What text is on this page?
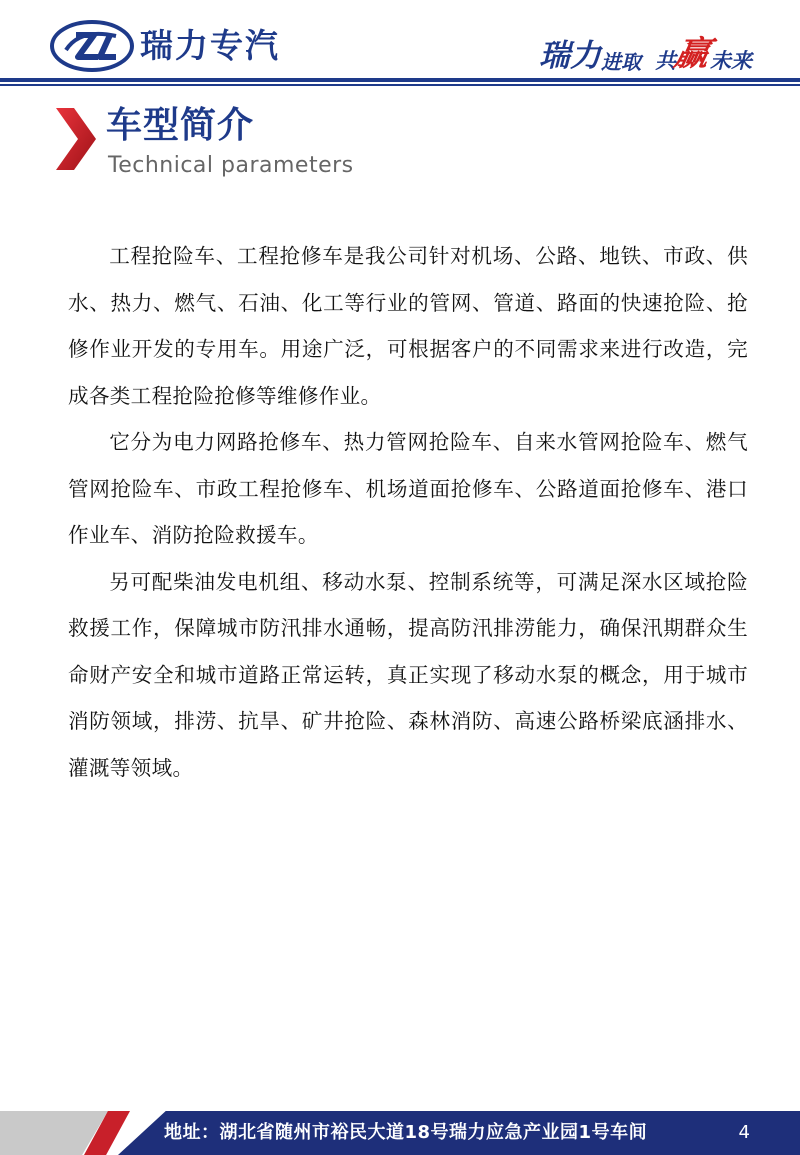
瑞力专汽	瑞力进取 共赢未来
车型简介
Technical parameters

工程抢险车、工程抢修车是我公司针对机场、公路、地铁、市政、供水、热力、燃气、石油、化工等行业的管网、管道、路面的快速抢险、抢修作业开发的专用车。用途广泛，可根据客户的不同需求来进行改造，完成各类工程抢险抢修等维修作业。

它分为电力网路抢修车、热力管网抢险车、自来水管网抢险车、燃气管网抢险车、市政工程抢修车、机场道面抢修车、公路道面抢修车、港口作业车、消防抢险救援车。

另可配柴油发电机组、移动水泵、控制系统等，可满足深水区域抢险救援工作，保障城市防汛排水通畅，提高防汛排涝能力，确保汛期群众生命财产安全和城市道路正常运转，真正实现了移动水泵的概念，用于城市消防领域，排涝、抗旱、矿井抢险、森林消防、高速公路桥梁底涵排水、灌溉等领域。

地址：湖北省随州市裕民大道18号瑞力应急产业园1号车间	4
